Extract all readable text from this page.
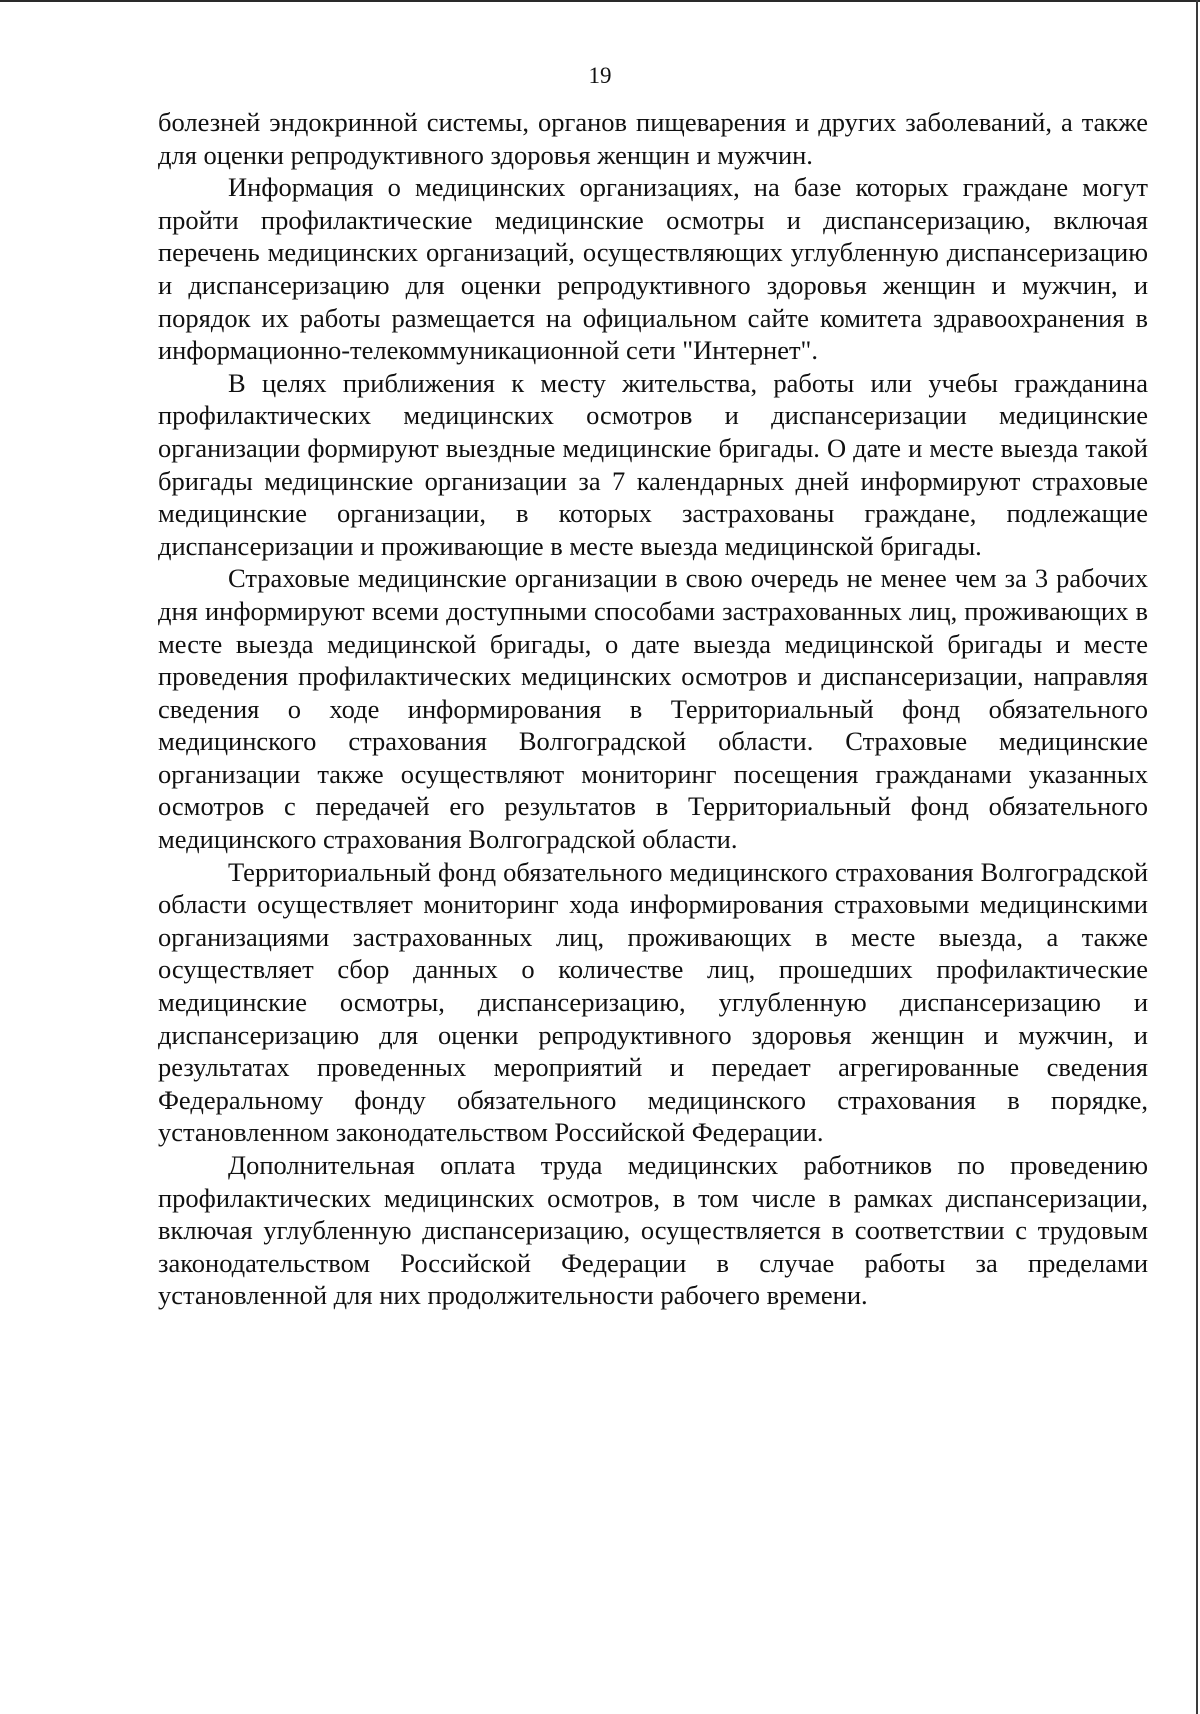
19

болезней эндокринной системы, органов пищеварения и других заболеваний, а также для оценки репродуктивного здоровья женщин и мужчин.

Информация о медицинских организациях, на базе которых граждане могут пройти профилактические медицинские осмотры и диспансеризацию, включая перечень медицинских организаций, осуществляющих углубленную диспансеризацию и диспансеризацию для оценки репродуктивного здоровья женщин и мужчин, и порядок их работы размещается на официальном сайте комитета здравоохранения в информационно-телекоммуникационной сети "Интернет".

В целях приближения к месту жительства, работы или учебы гражданина профилактических медицинских осмотров и диспансеризации медицинские организации формируют выездные медицинские бригады. О дате и месте выезда такой бригады медицинские организации за 7 календарных дней информируют страховые медицинские организации, в которых застрахованы граждане, подлежащие диспансеризации и проживающие в месте выезда медицинской бригады.

Страховые медицинские организации в свою очередь не менее чем за 3 рабочих дня информируют всеми доступными способами застрахованных лиц, проживающих в месте выезда медицинской бригады, о дате выезда медицинской бригады и месте проведения профилактических медицинских осмотров и диспансеризации, направляя сведения о ходе информирования в Территориальный фонд обязательного медицинского страхования Волгоградской области. Страховые медицинские организации также осуществляют мониторинг посещения гражданами указанных осмотров с передачей его результатов в Территориальный фонд обязательного медицинского страхования Волгоградской области.

Территориальный фонд обязательного медицинского страхования Волгоградской области осуществляет мониторинг хода информирования страховыми медицинскими организациями застрахованных лиц, проживающих в месте выезда, а также осуществляет сбор данных о количестве лиц, прошедших профилактические медицинские осмотры, диспансеризацию, углубленную диспансеризацию и диспансеризацию для оценки репродуктивного здоровья женщин и мужчин, и результатах проведенных мероприятий и передает агрегированные сведения Федеральному фонду обязательного медицинского страхования в порядке, установленном законодательством Российской Федерации.

Дополнительная оплата труда медицинских работников по проведению профилактических медицинских осмотров, в том числе в рамках диспансеризации, включая углубленную диспансеризацию, осуществляется в соответствии с трудовым законодательством Российской Федерации в случае работы за пределами установленной для них продолжительности рабочего времени.
